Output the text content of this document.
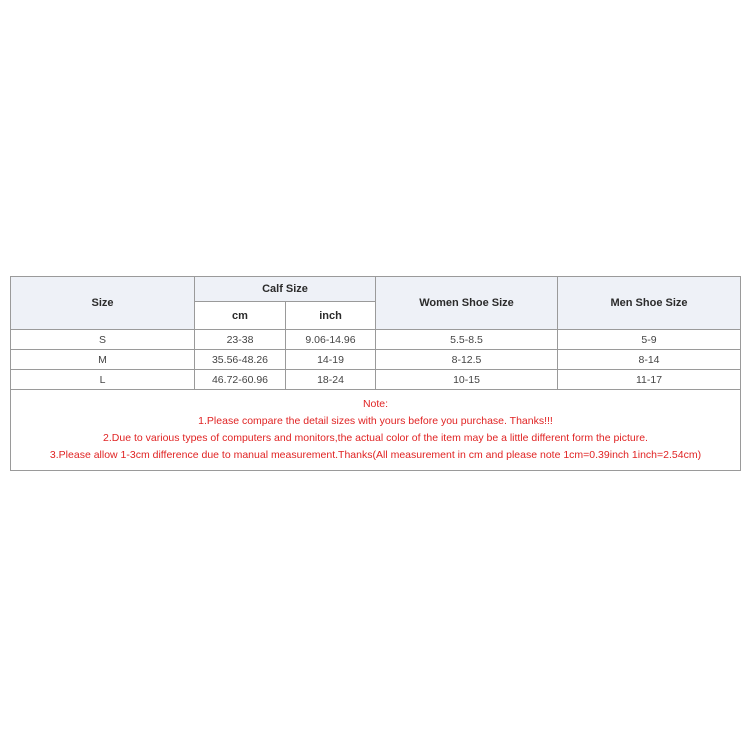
Size	Calf Size		Women Shoe Size	Men Shoe Size
	cm	inch		
S	23-38	9.06-14.96	5.5-8.5	5-9
M	35.56-48.26	14-19	8-12.5	8-14
L	46.72-60.96	18-24	10-15	11-17

Note:
1.Please compare the detail sizes with yours before you purchase. Thanks!!!
2.Due to various types of computers and monitors,the actual color of the item may be a little different form the picture.
3.Please allow 1-3cm difference due to manual measurement.Thanks(All measurement in cm and please note 1cm=0.39inch 1inch=2.54cm)				
